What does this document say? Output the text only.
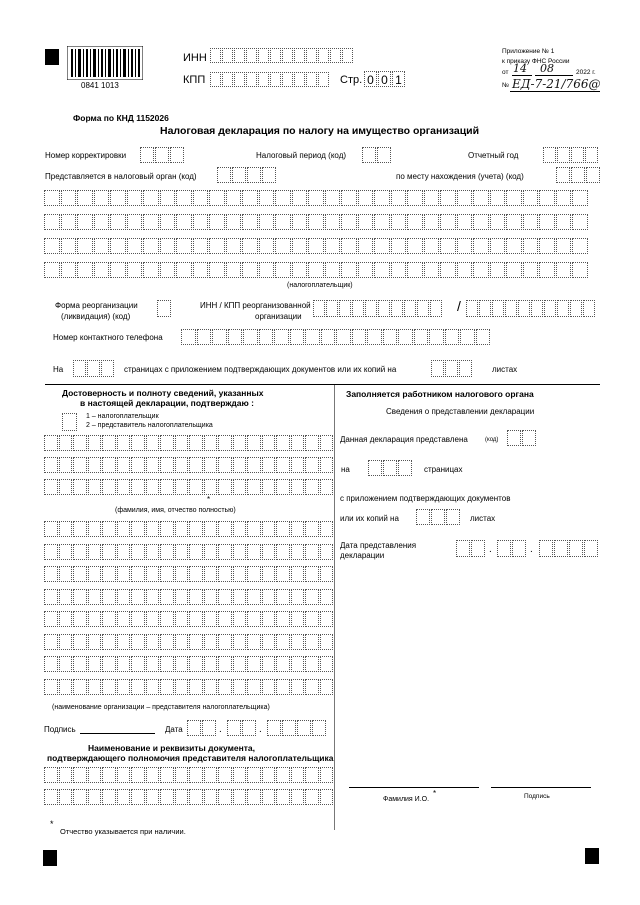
0841 1013
ИНН
КПП	Стр. 0 0 1
Приложение № 1
к приказу ФНС России
от 14 08	2022 г.
№ ЕД-7-21/766@
Форма по КНД 1152026
Налоговая декларация по налогу на имущество организаций
Номер корректировки	Налоговый период (код)	Отчетный год
Представляется в налоговый орган (код)	по месту нахождения (учета) (код)
(налогоплательщик)
Форма реорганизации
(ликвидация) (код)
ИНН / КПП реорганизованной
организации
/
Номер контактного телефона
На	страницах с приложением подтверждающих документов или их копий на	листах
Достоверность и полноту сведений, указанных
в настоящей декларации, подтверждаю :
1 – налогоплательщик
2 – представитель налогоплательщика
*
(фамилия, имя, отчество полностью)
(наименование организации – представителя налогоплательщика)
Подпись	Дата	.	.
Наименование и реквизиты документа,
подтверждающего полномочия представителя налогоплательщика
Заполняется работником налогового органа
Сведения о представлении декларации
Данная декларация представлена	(код)
на	страницах
с приложением подтверждающих документов
или их копий на	листах
Дата представления
декларации
.	.
Фамилия И.О.
*	Подпись
*
Отчество указывается при наличии.
